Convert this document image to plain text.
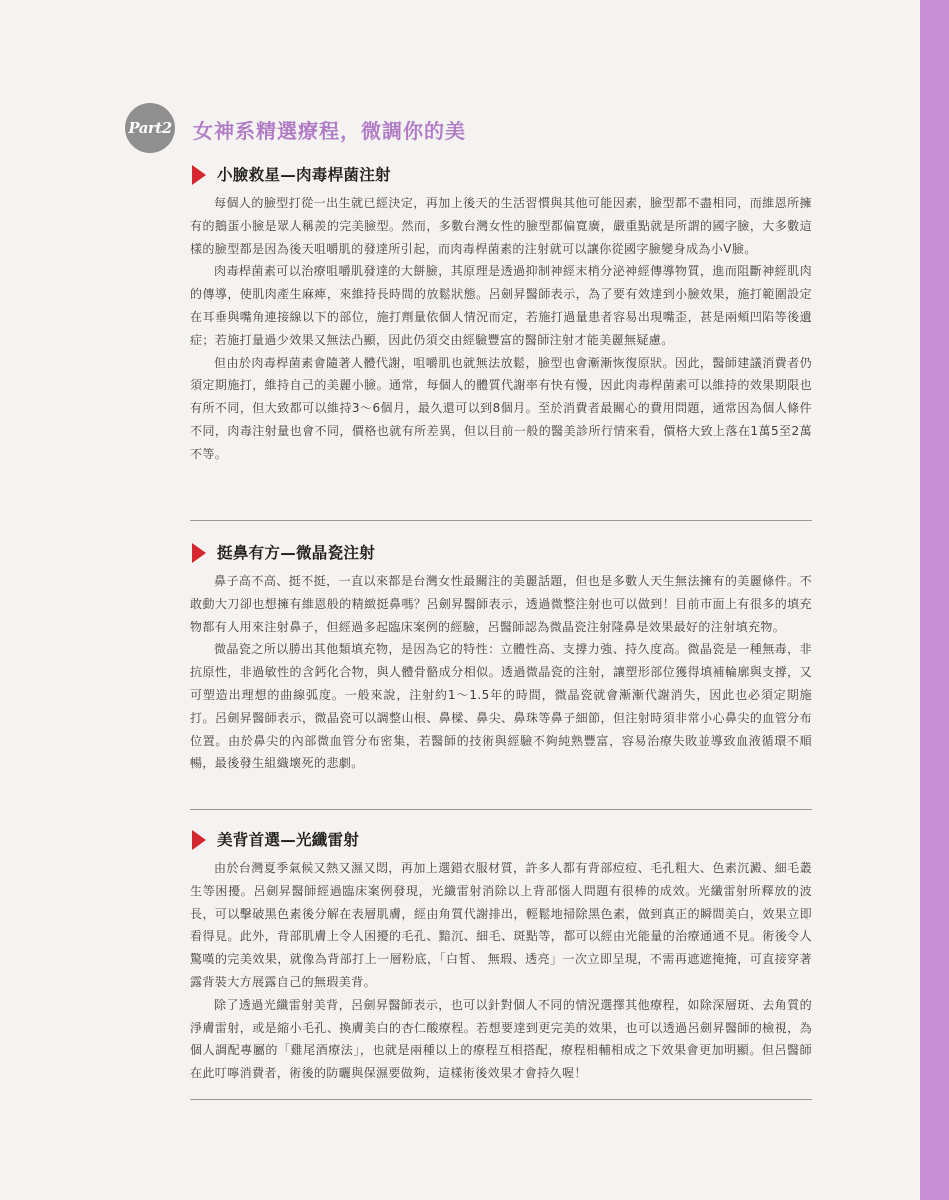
Part2 女神系精選療程，微調你的美
小臉救星—肉毒桿菌注射

每個人的臉型打從一出生就已經決定，再加上後天的生活習慣與其他可能因素，臉型都不盡相同，而維恩所擁有的鵝蛋小臉是眾人稱羨的完美臉型。然而，多數台灣女性的臉型都偏寬廣，嚴重點就是所謂的國字臉，大多數這樣的臉型都是因為後天咀嚼肌的發達所引起，而肉毒桿菌素的注射就可以讓你從國字臉變身成為小V臉。

肉毒桿菌素可以治療咀嚼肌發達的大餅臉，其原理是透過抑制神經末梢分泌神經傳導物質，進而阻斷神經肌肉的傳導，使肌肉產生麻痺，來維持長時間的放鬆狀態。呂劍昇醫師表示，為了要有效達到小臉效果，施打範圍設定在耳垂與嘴角連接線以下的部位，施打劑量依個人情況而定，若施打過量患者容易出現嘴歪，甚是兩頰凹陷等後遺症；若施打量過少效果又無法凸顯，因此仍須交由經驗豐富的醫師注射才能美麗無疑慮。

但由於肉毒桿菌素會隨著人體代謝，咀嚼肌也就無法放鬆，臉型也會漸漸恢復原狀。因此，醫師建議消費者仍須定期施打，維持自己的美麗小臉。通常，每個人的體質代謝率有快有慢，因此肉毒桿菌素可以維持的效果期限也有所不同，但大致都可以維持3～6個月，最久還可以到8個月。至於消費者最關心的費用問題，通常因為個人條件不同，肉毒注射量也會不同，價格也就有所差異，但以目前一般的醫美診所行情來看，價格大致上落在1萬5至2萬不等。

挺鼻有方—微晶瓷注射

鼻子高不高、挺不挺，一直以來都是台灣女性最關注的美麗話題，但也是多數人天生無法擁有的美麗條件。不敢動大刀卻也想擁有維恩般的精緻挺鼻嗎？呂劍昇醫師表示，透過微整注射也可以做到！目前市面上有很多的填充物都有人用來注射鼻子，但經過多起臨床案例的經驗，呂醫師認為微晶瓷注射隆鼻是效果最好的注射填充物。

微晶瓷之所以勝出其他類填充物，是因為它的特性：立體性高、支撐力強、持久度高。微晶瓷是一種無毒，非抗原性，非過敏性的含鈣化合物，與人體骨骼成分相似。透過微晶瓷的注射，讓塑形部位獲得填補輪廓與支撐，又可塑造出理想的曲線弧度。一般來說，注射約1～1.5年的時間，微晶瓷就會漸漸代謝消失，因此也必須定期施打。呂劍昇醫師表示，微晶瓷可以調整山根、鼻樑、鼻尖、鼻珠等鼻子細節，但注射時須非常小心鼻尖的血管分布位置。由於鼻尖的內部微血管分布密集，若醫師的技術與經驗不夠純熟豐富，容易治療失敗並導致血液循環不順暢，最後發生組織壞死的悲劇。

美背首選—光纖雷射

由於台灣夏季氣候又熱又濕又悶，再加上選錯衣服材質，許多人都有背部痘痘、毛孔粗大、色素沉澱、細毛叢生等困擾。呂劍昇醫師經過臨床案例發現，光纖雷射消除以上背部惱人問題有很棒的成效。光纖雷射所釋放的波長，可以擊破黑色素後分解在表層肌膚，經由角質代謝排出，輕鬆地掃除黑色素，做到真正的瞬間美白，效果立即看得見。此外，背部肌膚上令人困擾的毛孔、黯沉、細毛、斑點等，都可以經由光能量的治療通通不見。術後令人驚嘆的完美效果，就像為背部打上一層粉底，「白皙、 無瑕、透亮」一次立即呈現，不需再遮遮掩掩，可直接穿著露背裝大方展露自己的無瑕美背。

除了透過光纖雷射美背，呂劍昇醫師表示，也可以針對個人不同的情況選擇其他療程，如除深層斑、去角質的淨膚雷射，或是縮小毛孔、換膚美白的杏仁酸療程。若想要達到更完美的效果，也可以透過呂劍昇醫師的檢視，為個人調配專屬的「雞尾酒療法」，也就是兩種以上的療程互相搭配，療程相輔相成之下效果會更加明顯。但呂醫師在此叮嚀消費者，術後的防曬與保濕要做夠，這樣術後效果才會持久喔！
